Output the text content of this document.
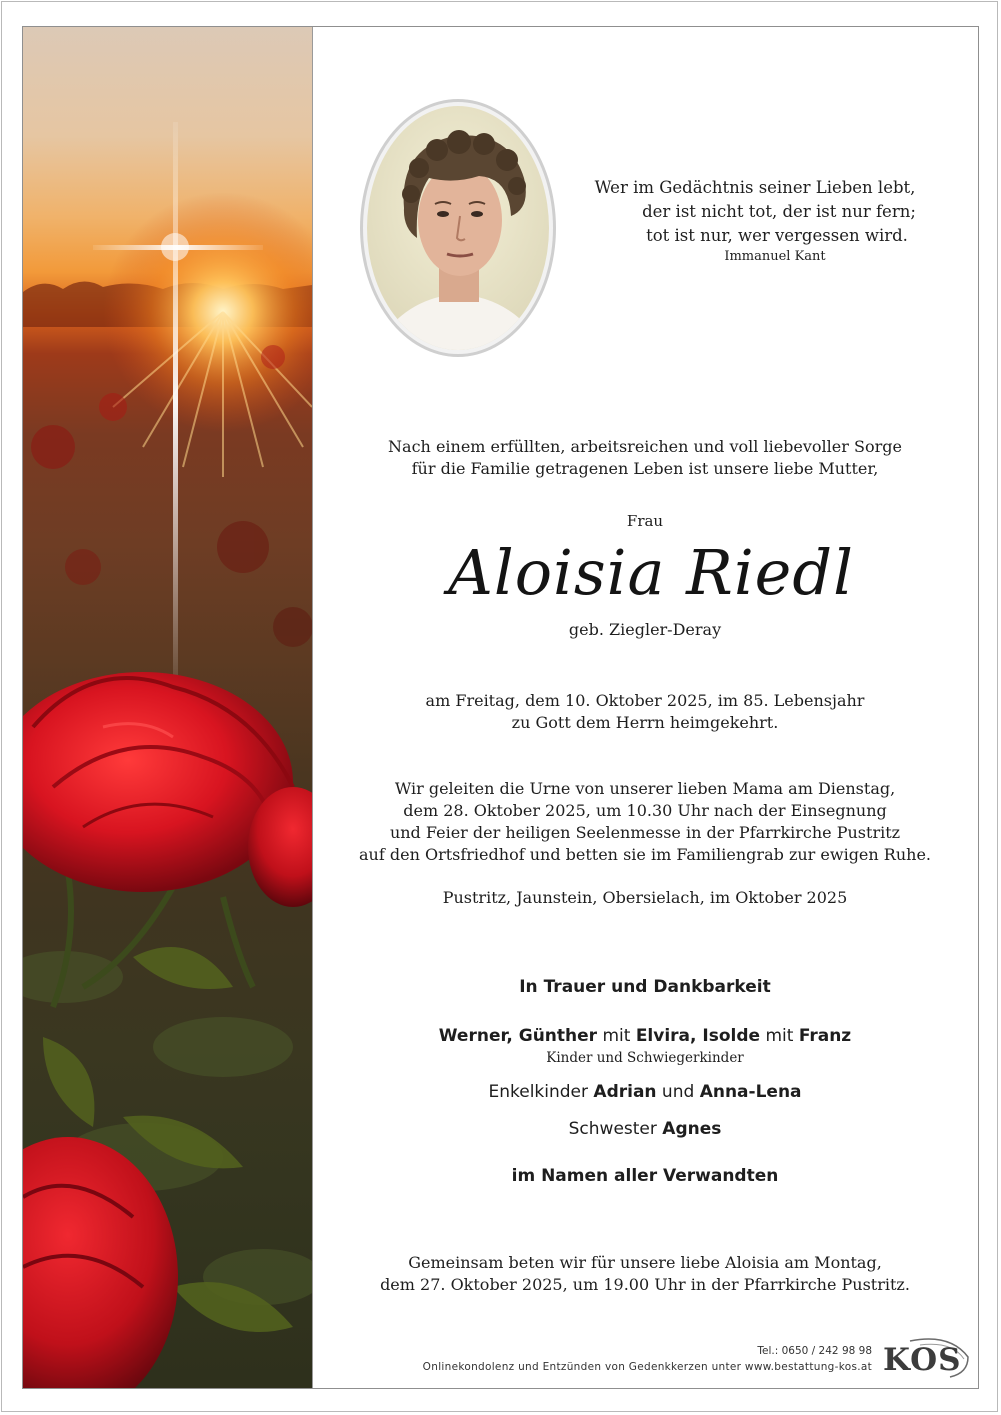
Wer im Gedächtnis seiner Lieben lebt,
der ist nicht tot, der ist nur fern;
tot ist nur, wer vergessen wird.
Immanuel Kant
Nach einem erfüllten, arbeitsreichen und voll liebevoller Sorge
für die Familie getragenen Leben ist unsere liebe Mutter,
Frau
Aloisia Riedl
geb. Ziegler-Deray
am Freitag, dem 10. Oktober 2025, im 85. Lebensjahr
zu Gott dem Herrn heimgekehrt.
Wir geleiten die Urne von unserer lieben Mama am Dienstag,
dem 28. Oktober 2025, um 10.30 Uhr nach der Einsegnung
und Feier der heiligen Seelenmesse in der Pfarrkirche Pustritz
auf den Ortsfriedhof und betten sie im Familiengrab zur ewigen Ruhe.
Pustritz, Jaunstein, Obersielach, im Oktober 2025
In Trauer und Dankbarkeit
Werner, Günther mit Elvira, Isolde mit Franz
Kinder und Schwiegerkinder
Enkelkinder Adrian und Anna-Lena
Schwester Agnes
im Namen aller Verwandten
Gemeinsam beten wir für unsere liebe Aloisia am Montag,
dem 27. Oktober 2025, um 19.00 Uhr in der Pfarrkirche Pustritz.
Tel.: 0650 / 242 98 98
Onlinekondolenz und Entzünden von Gedenkkerzen unter www.bestattung-kos.at KOS
